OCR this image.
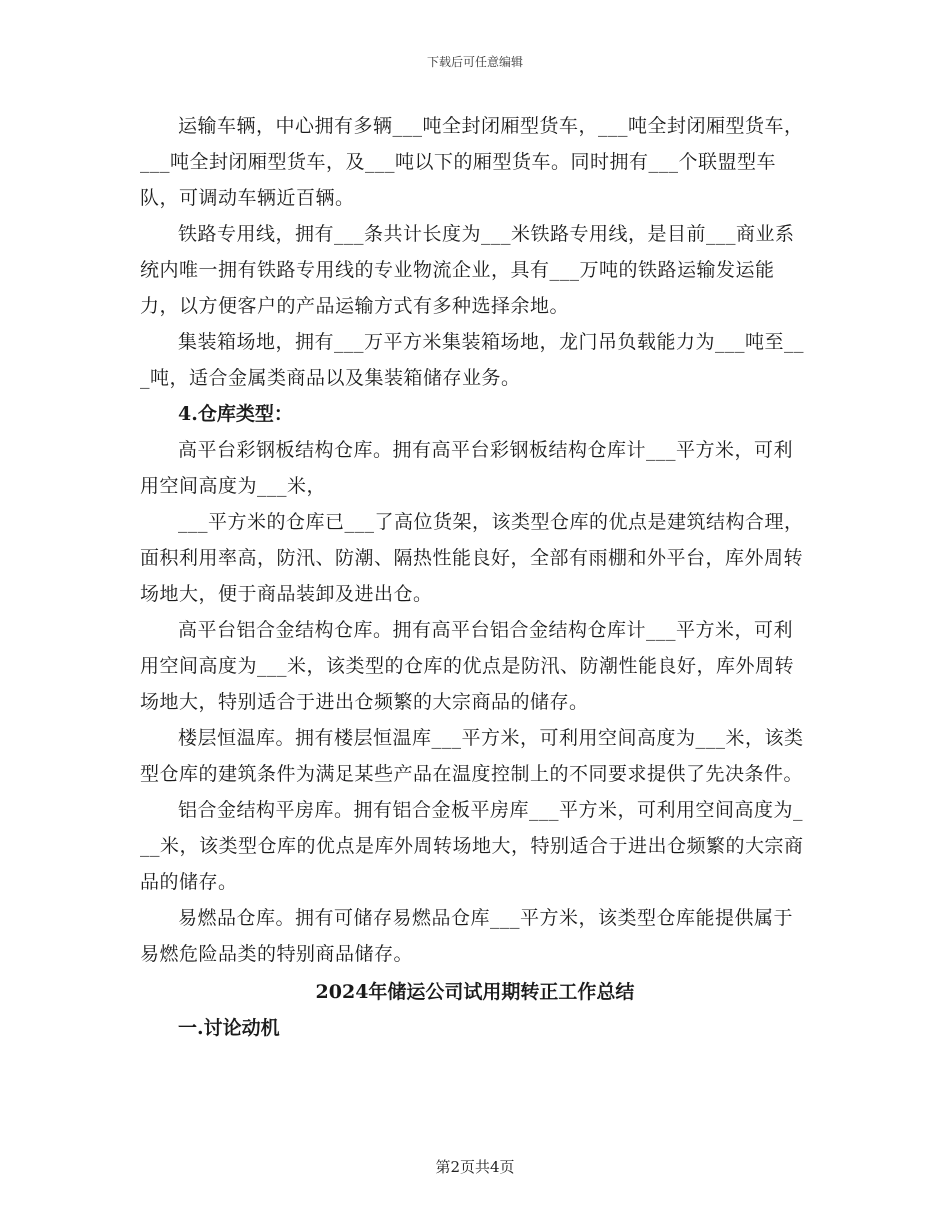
下载后可任意编辑

运输车辆，中心拥有多辆___吨全封闭厢型货车，___吨全封闭厢型货车，___吨全封闭厢型货车，及___吨以下的厢型货车。同时拥有___个联盟型车队，可调动车辆近百辆。

铁路专用线，拥有___条共计长度为___米铁路专用线，是目前___商业系统内唯一拥有铁路专用线的专业物流企业，具有___万吨的铁路运输发运能力，以方便客户的产品运输方式有多种选择余地。

集装箱场地，拥有___万平方米集装箱场地，龙门吊负载能力为___吨至___吨，适合金属类商品以及集装箱储存业务。

4.仓库类型：

高平台彩钢板结构仓库。拥有高平台彩钢板结构仓库计___平方米，可利用空间高度为___米，

___平方米的仓库已___了高位货架，该类型仓库的优点是建筑结构合理，面积利用率高，防汛、防潮、隔热性能良好，全部有雨棚和外平台，库外周转场地大，便于商品装卸及进出仓。

高平台铝合金结构仓库。拥有高平台铝合金结构仓库计___平方米，可利用空间高度为___米，该类型的仓库的优点是防汛、防潮性能良好，库外周转场地大，特别适合于进出仓频繁的大宗商品的储存。

楼层恒温库。拥有楼层恒温库___平方米，可利用空间高度为___米，该类型仓库的建筑条件为满足某些产品在温度控制上的不同要求提供了先决条件。

铝合金结构平房库。拥有铝合金板平房库___平方米，可利用空间高度为___米，该类型仓库的优点是库外周转场地大，特别适合于进出仓频繁的大宗商品的储存。

易燃品仓库。拥有可储存易燃品仓库___平方米，该类型仓库能提供属于易燃危险品类的特别商品储存。

2024年储运公司试用期转正工作总结

一.讨论动机

第2页共4页
